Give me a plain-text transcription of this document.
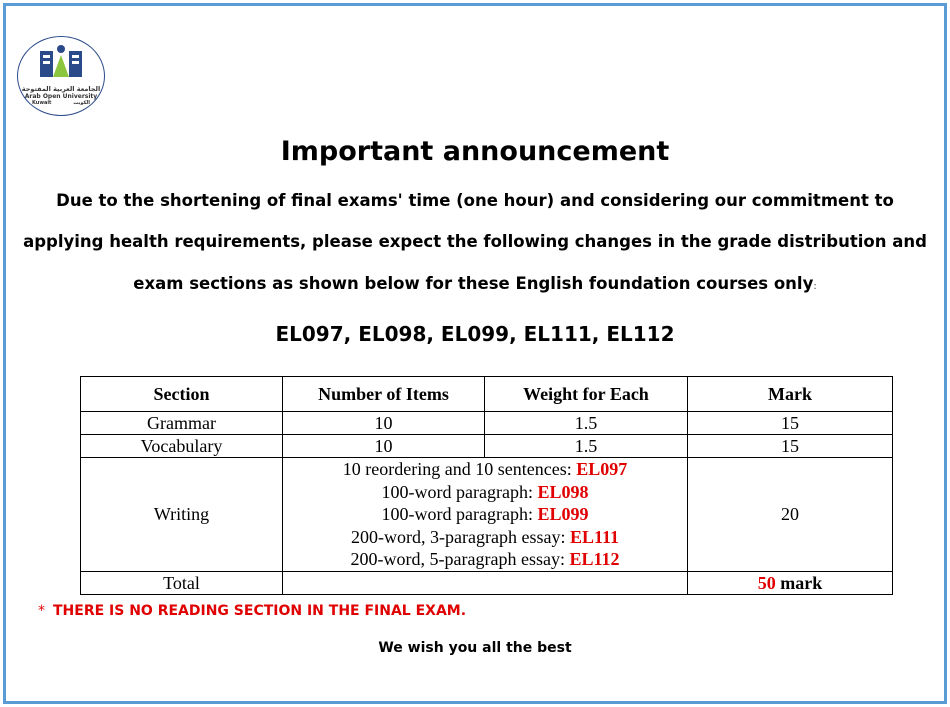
الجامعة العربية المفتوحة
Arab Open University
Kuwait	الكويت
Important announcement
Due to the shortening of final exams' time (one hour) and considering our commitment to
applying health requirements, please expect the following changes in the grade distribution and
exam sections as shown below for these English foundation courses only:
EL097, EL098, EL099, EL111, EL112
Section	Number of Items	Weight for Each	Mark
Grammar	10	1.5	15
Vocabulary	10	1.5	15
Writing	10 reordering and 10 sentences: EL097
100-word paragraph: EL098
100-word paragraph: EL099
200-word, 3-paragraph essay: EL111
200-word, 5-paragraph essay: EL112		20
Total			50 mark
* THERE IS NO READING SECTION IN THE FINAL EXAM.
We wish you all the best
